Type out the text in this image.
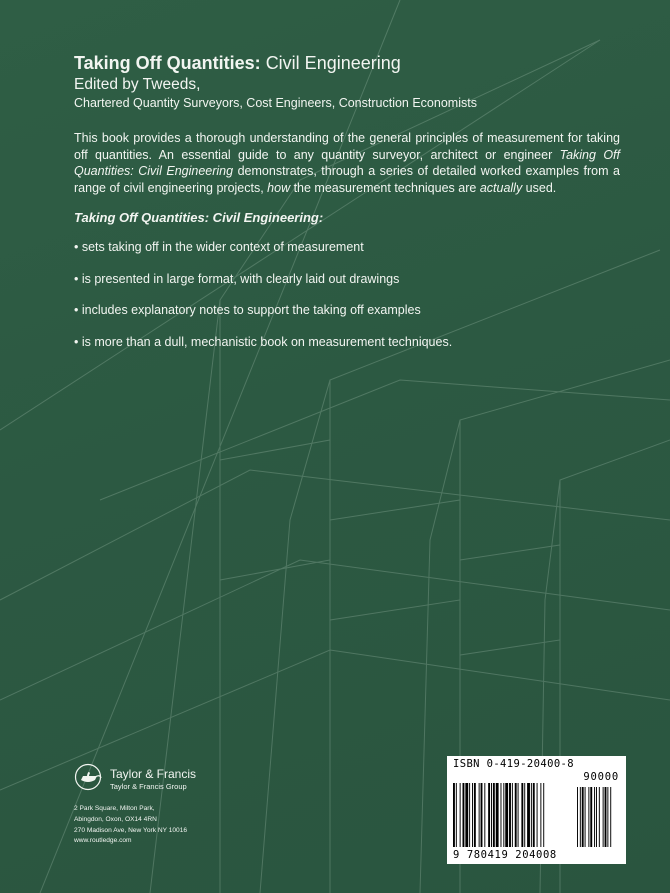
Taking Off Quantities: Civil Engineering
Edited by Tweeds,
Chartered Quantity Surveyors, Cost Engineers, Construction Economists

This book provides a thorough understanding of the general principles of measurement for taking off quantities. An essential guide to any quantity surveyor, architect or engineer Taking Off Quantities: Civil Engineering demonstrates, through a series of detailed worked examples from a range of civil engineering projects, how the measurement techniques are actually used.

Taking Off Quantities: Civil Engineering:
• sets taking off in the wider context of measurement
• is presented in large format, with clearly laid out drawings
• includes explanatory notes to support the taking off examples
• is more than a dull, mechanistic book on measurement techniques.
Taylor & Francis
Taylor & Francis Group
2 Park Square, Milton Park,
Abingdon, Oxon, OX14 4RN
270 Madison Ave, New York NY 10016
www.routledge.com
ISBN 0-419-20400-8
90000
9 780419 204008
